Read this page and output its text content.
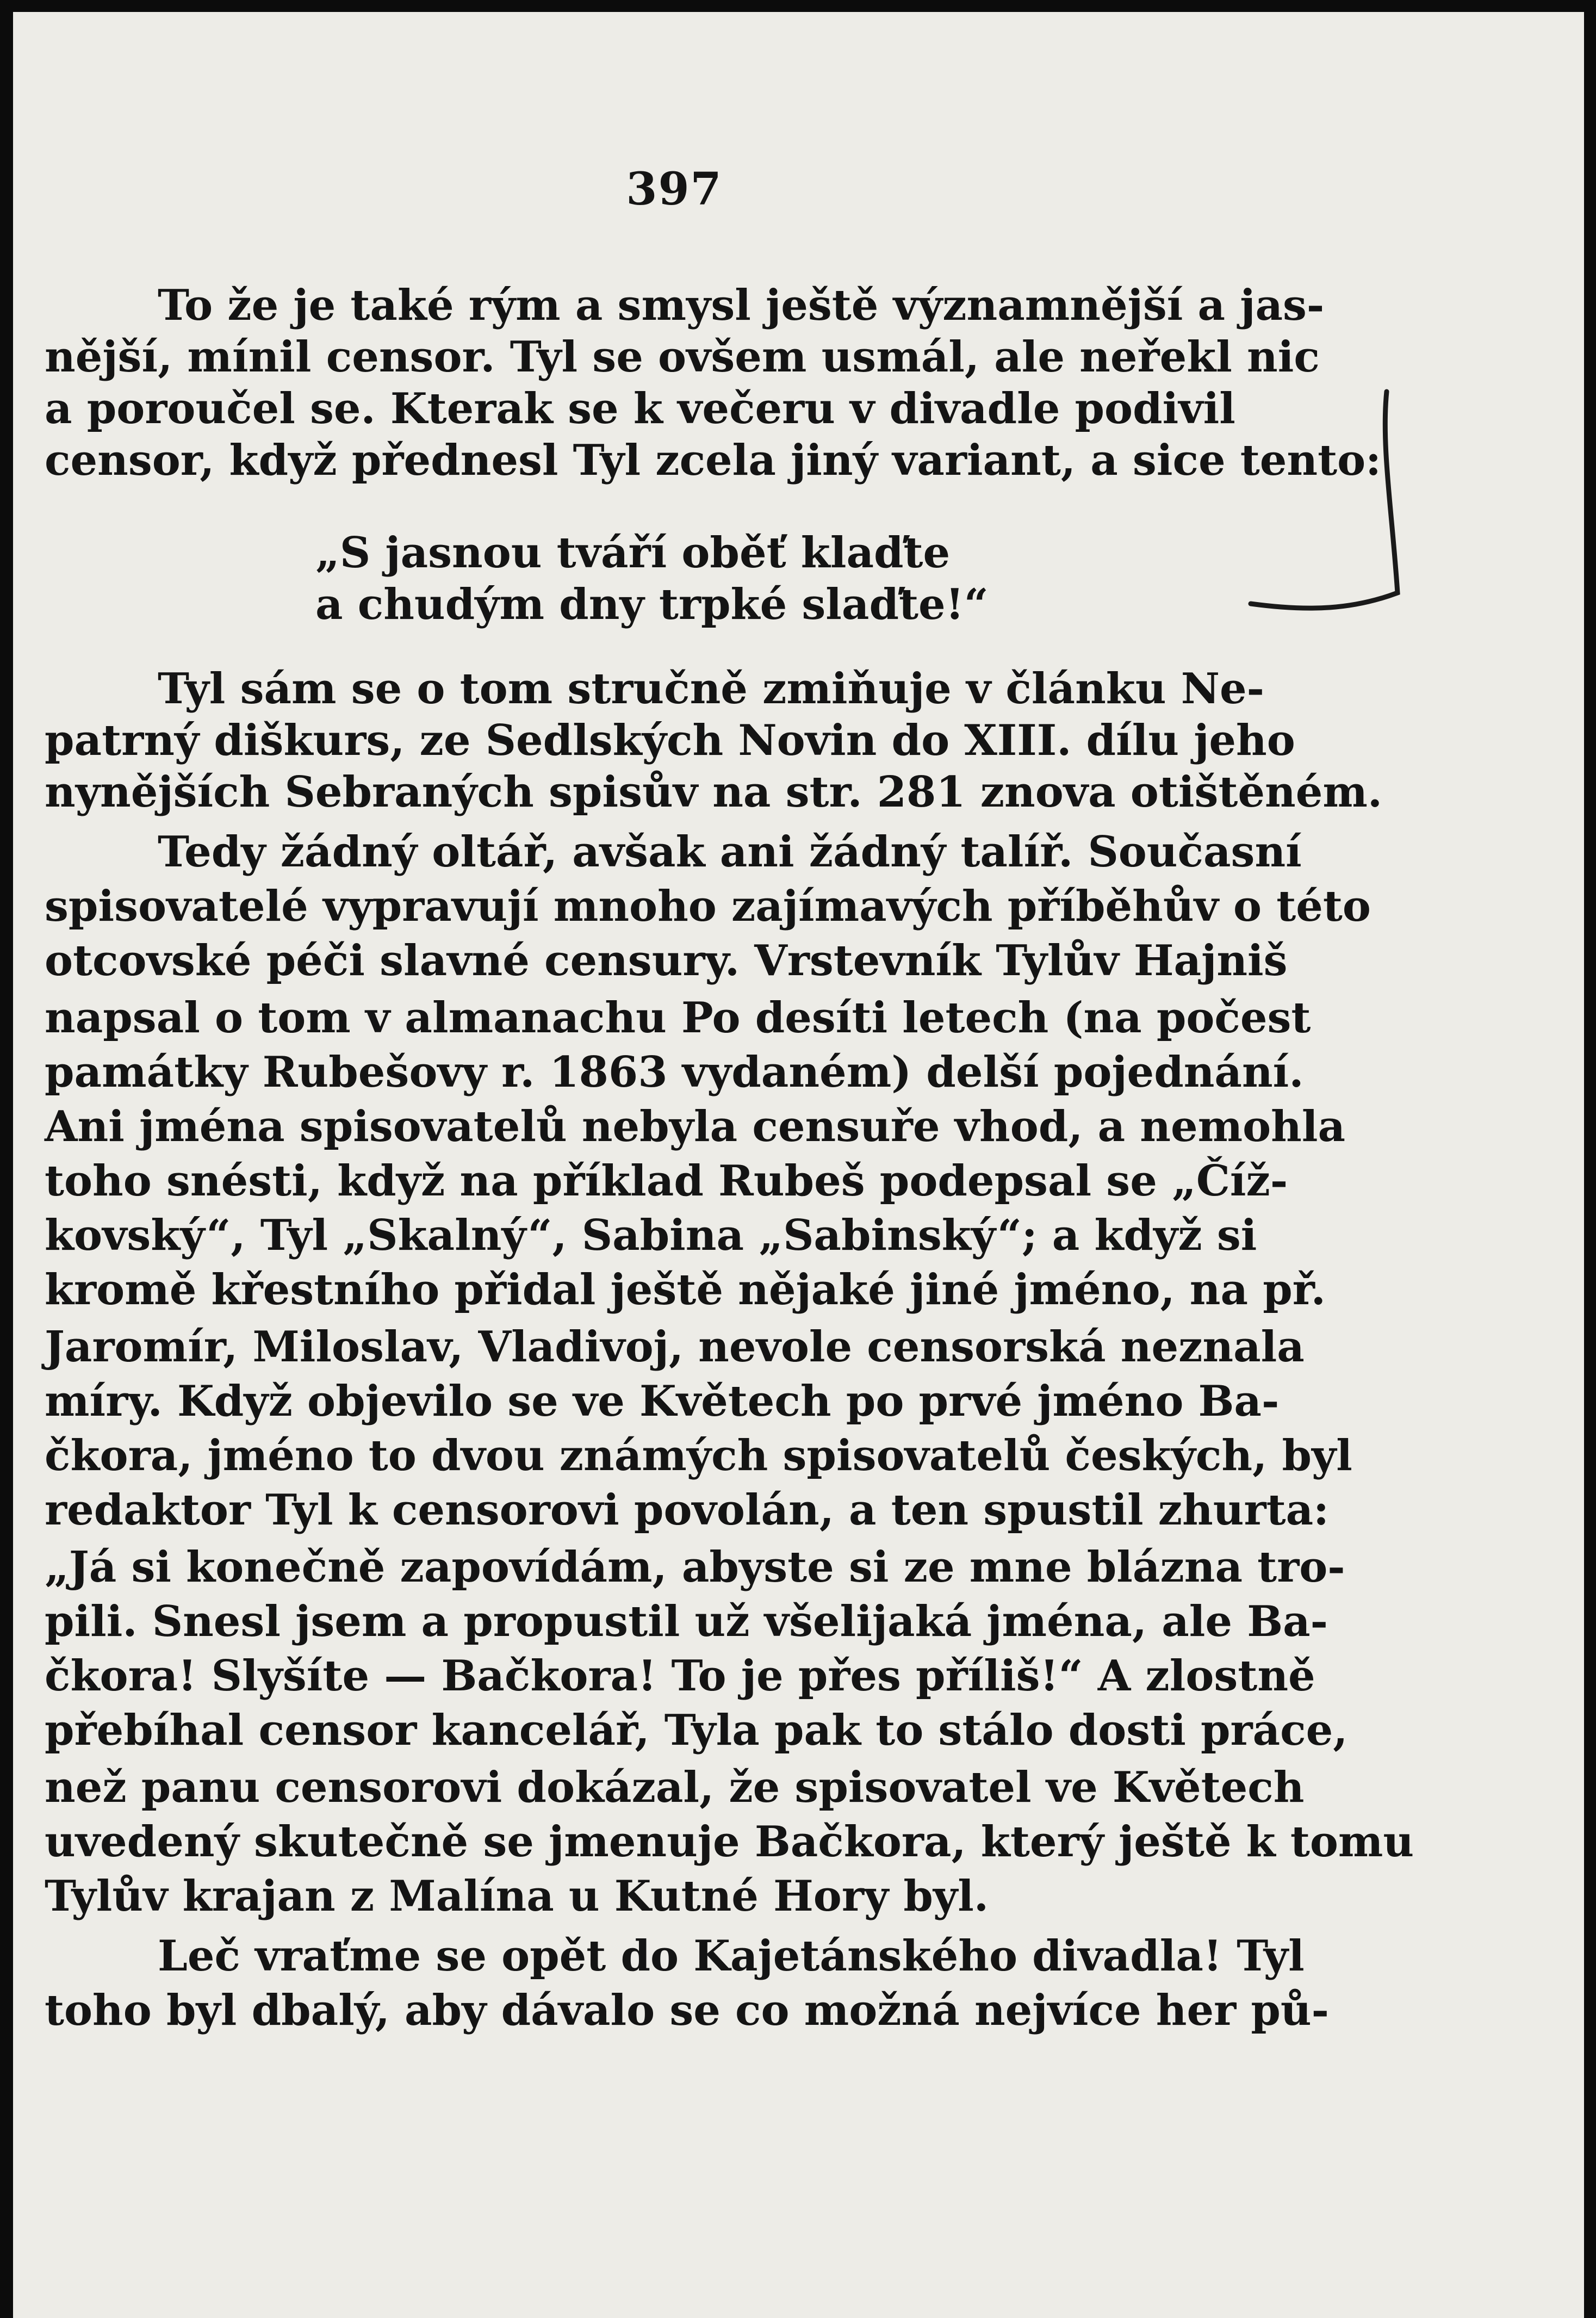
397

To že je také rým a smysl ještě významnější a jas-

nější, mínil censor. Tyl se ovšem usmál, ale neřekl nic

a poroučel se. Kterak se k večeru v divadle podivil

censor, když přednesl Tyl zcela jiný variant, a sice tento:

„S jasnou tváří oběť klaďte

a chudým dny trpké slaďte!“

Tyl sám se o tom stručně zmiňuje v článku Ne-

patrný diškurs, ze Sedlských Novin do XIII. dílu jeho

nynějších Sebraných spisův na str. 281 znova otištěném.

Tedy žádný oltář, avšak ani žádný talíř. Současní

spisovatelé vypravují mnoho zajímavých příběhův o této

otcovské péči slavné censury. Vrstevník Tylův Hajniš

napsal o tom v almanachu Po desíti letech (na počest

památky Rubešovy r. 1863 vydaném) delší pojednání.

Ani jména spisovatelů nebyla censuře vhod, a nemohla

toho snésti, když na příklad Rubeš podepsal se „Číž-

kovský“, Tyl „Skalný“, Sabina „Sabinský“; a když si

kromě křestního přidal ještě nějaké jiné jméno, na př.

Jaromír, Miloslav, Vladivoj, nevole censorská neznala

míry. Když objevilo se ve Květech po prvé jméno Ba-

čkora, jméno to dvou známých spisovatelů českých, byl

redaktor Tyl k censorovi povolán, a ten spustil zhurta:

„Já si konečně zapovídám, abyste si ze mne blázna tro-

pili. Snesl jsem a propustil už všelijaká jména, ale Ba-

čkora! Slyšíte — Bačkora! To je přes příliš!“ A zlostně

přebíhal censor kancelář, Tyla pak to stálo dosti práce,

než panu censorovi dokázal, že spisovatel ve Květech

uvedený skutečně se jmenuje Bačkora, který ještě k tomu

Tylův krajan z Malína u Kutné Hory byl.

Leč vraťme se opět do Kajetánského divadla! Tyl

toho byl dbalý, aby dávalo se co možná nejvíce her pů-
